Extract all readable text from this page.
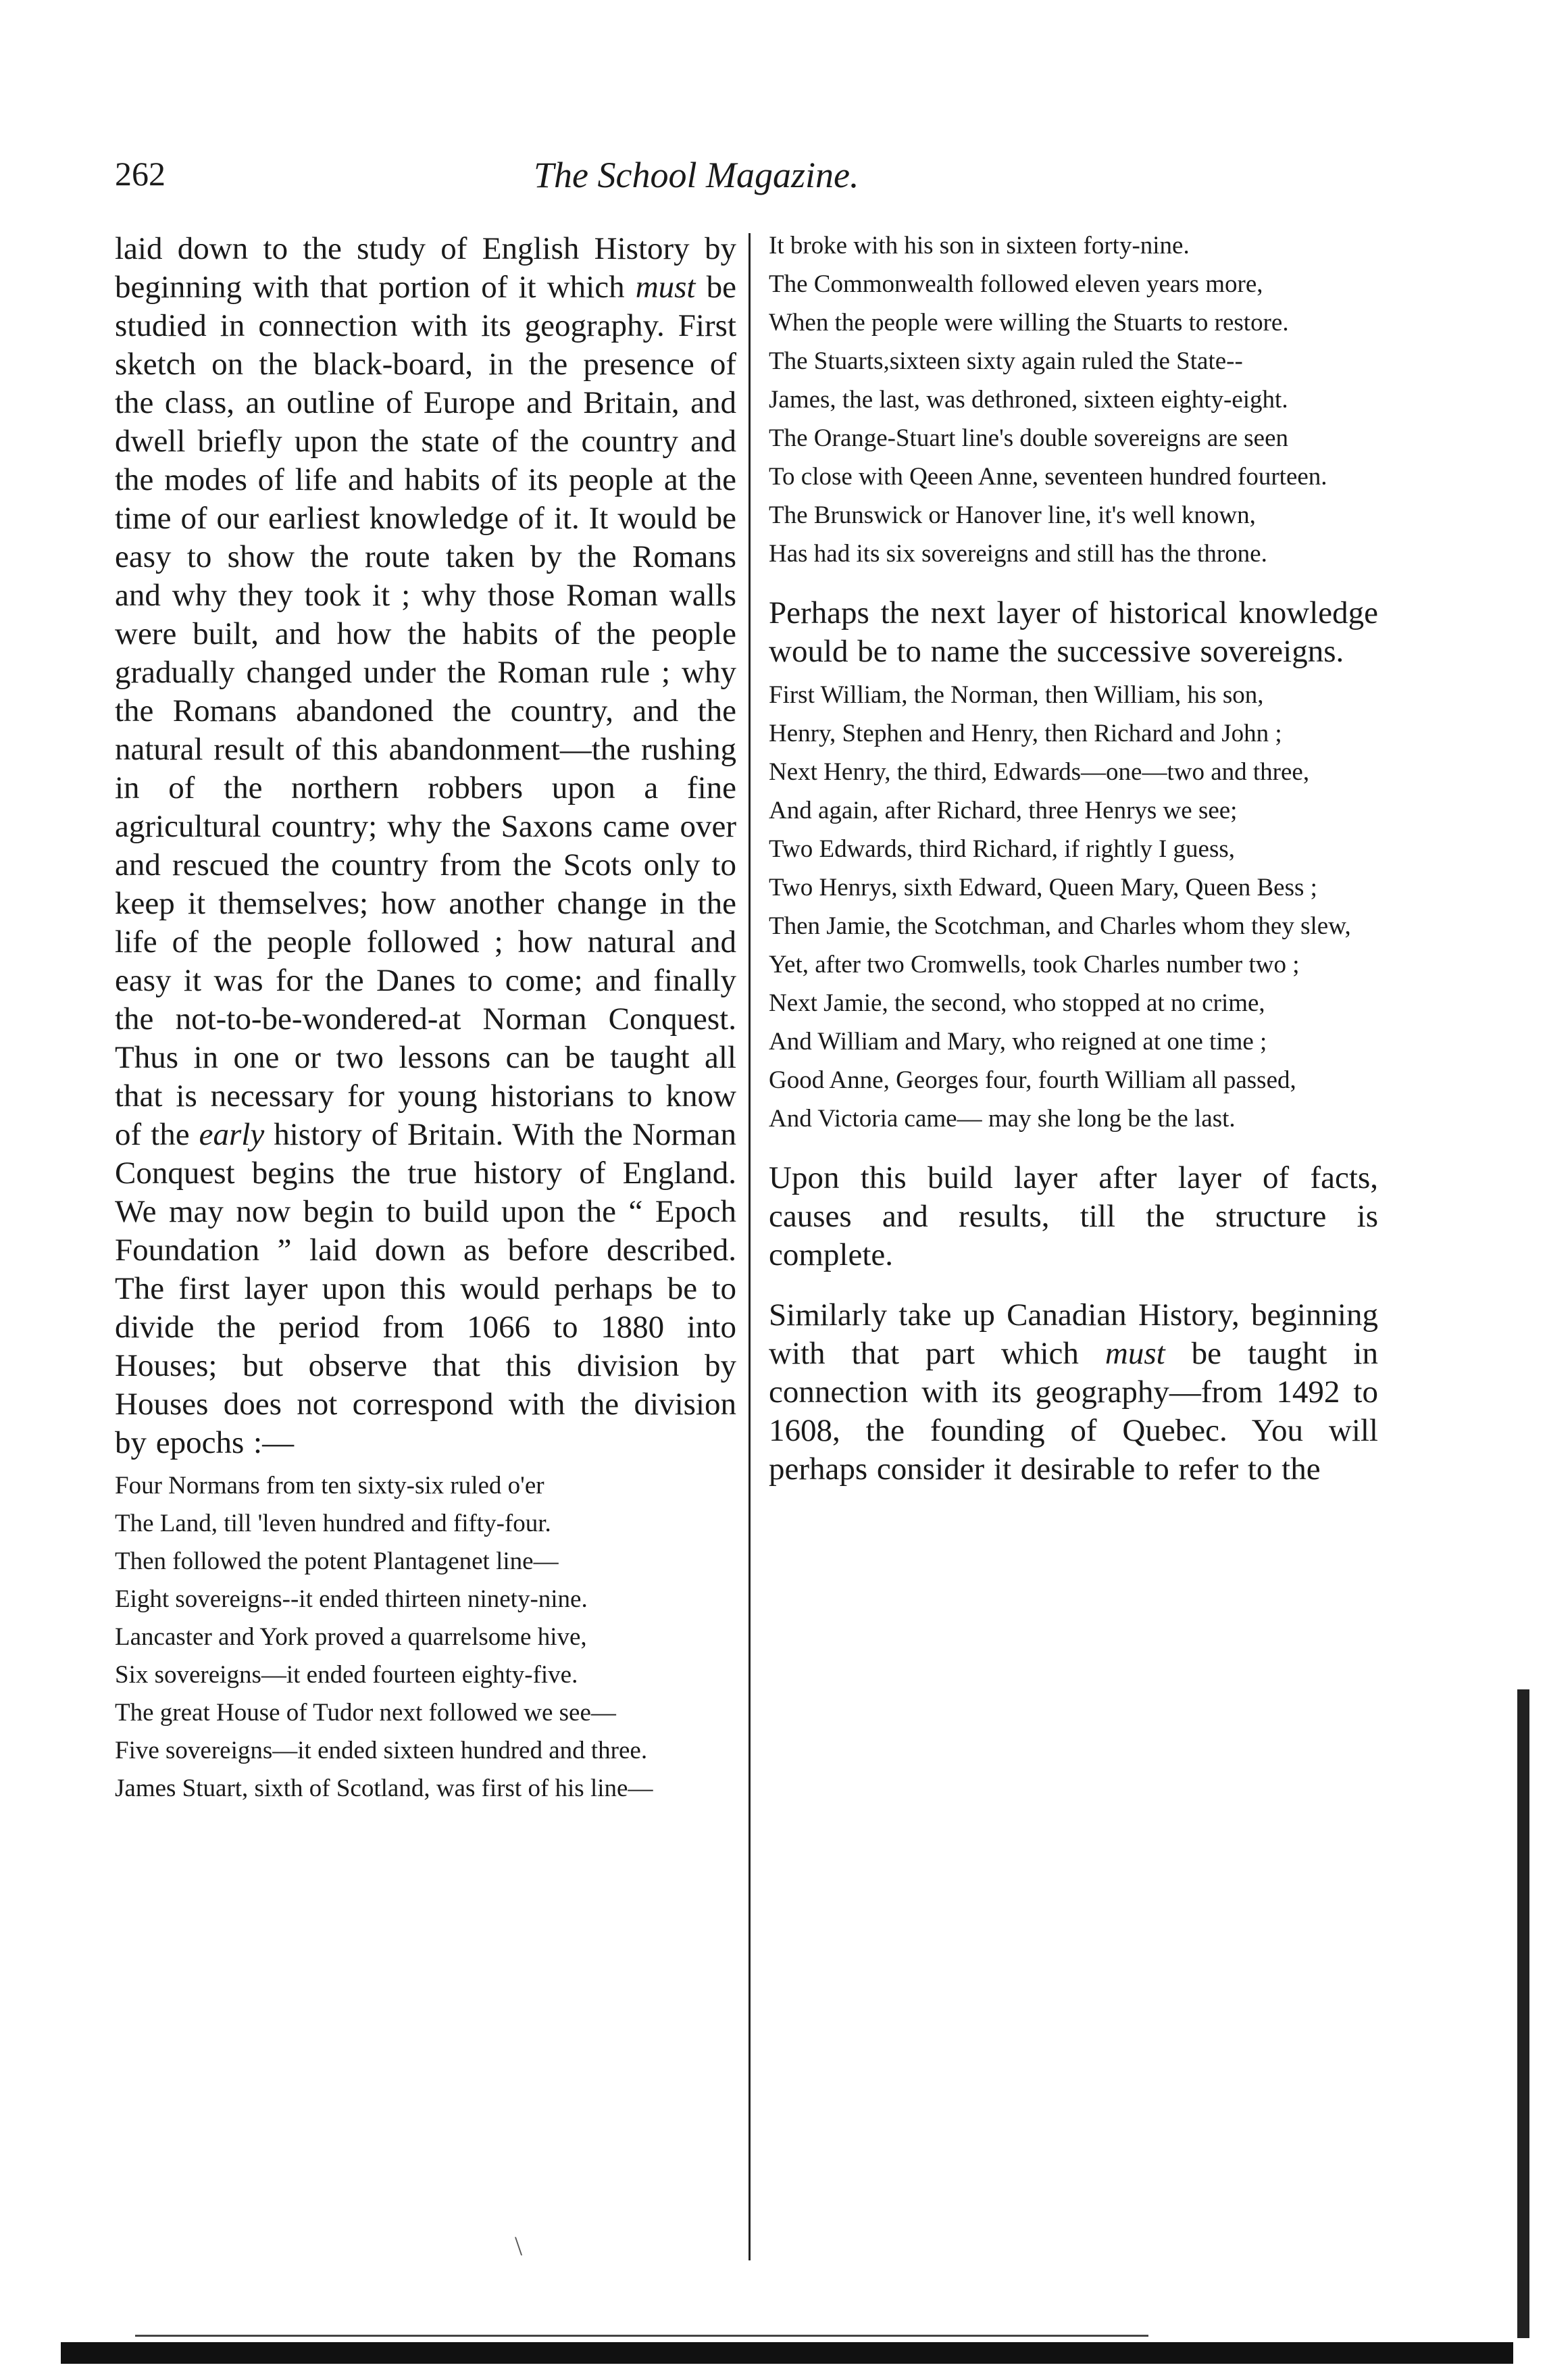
262	The School Magazine.

laid down to the study of English History by beginning with that portion of it which must be studied in connection with its geography. First sketch on the black-board, in the presence of the class, an outline of Europe and Britain, and dwell briefly upon the state of the country and the modes of life and habits of its people at the time of our earliest knowledge of it. It would be easy to show the route taken by the Romans and why they took it ; why those Roman walls were built, and how the habits of the people gradually changed under the Roman rule ; why the Romans abandoned the country, and the natural result of this abandonment—the rushing in of the northern robbers upon a fine agricultural country; why the Saxons came over and rescued the country from the Scots only to keep it themselves; how another change in the life of the people followed ; how natural and easy it was for the Danes to come; and finally the not-to-be-wondered-at Norman Conquest. Thus in one or two lessons can be taught all that is necessary for young historians to know of the early history of Britain. With the Norman Conquest begins the true history of England. We may now begin to build upon the “ Epoch Foundation ” laid down as before described. The first layer upon this would perhaps be to divide the period from 1066 to 1880 into Houses; but observe that this division by Houses does not correspond with the division by epochs :—

Four Normans from ten sixty-six ruled o'er
The Land, till 'leven hundred and fifty-four.
Then followed the potent Plantagenet line—
Eight sovereigns--it ended thirteen ninety-nine.
Lancaster and York proved a quarrelsome hive,
Six sovereigns—it ended fourteen eighty-five.
The great House of Tudor next followed we see—
Five sovereigns—it ended sixteen hundred and three.
James Stuart, sixth of Scotland, was first of his line—
It broke with his son in sixteen forty-nine.
The Commonwealth followed eleven years more,
When the people were willing the Stuarts to restore.
The Stuarts,sixteen sixty again ruled the State--
James, the last, was dethroned, sixteen eighty-eight.
The Orange-Stuart line's double sovereigns are seen
To close with Qeeen Anne, seventeen hundred fourteen.
The Brunswick or Hanover line, it's well known,
Has had its six sovereigns and still has the throne.

Perhaps the next layer of historical knowledge would be to name the successive sovereigns.

First William, the Norman, then William, his son,
Henry, Stephen and Henry, then Richard and John ;
Next Henry, the third, Edwards—one—two and three,
And again, after Richard, three Henrys we see;
Two Edwards, third Richard, if rightly I guess,
Two Henrys, sixth Edward, Queen Mary, Queen Bess ;
Then Jamie, the Scotchman, and Charles whom they slew,
Yet, after two Cromwells, took Charles number two ;
Next Jamie, the second, who stopped at no crime,
And William and Mary, who reigned at one time ;
Good Anne, Georges four, fourth William all passed,
And Victoria came— may she long be the last.

Upon this build layer after layer of facts, causes and results, till the structure is complete.

Similarly take up Canadian History, beginning with that part which must be taught in connection with its geography—from 1492 to 1608, the founding of Quebec. You will perhaps consider it desirable to refer to the

\
